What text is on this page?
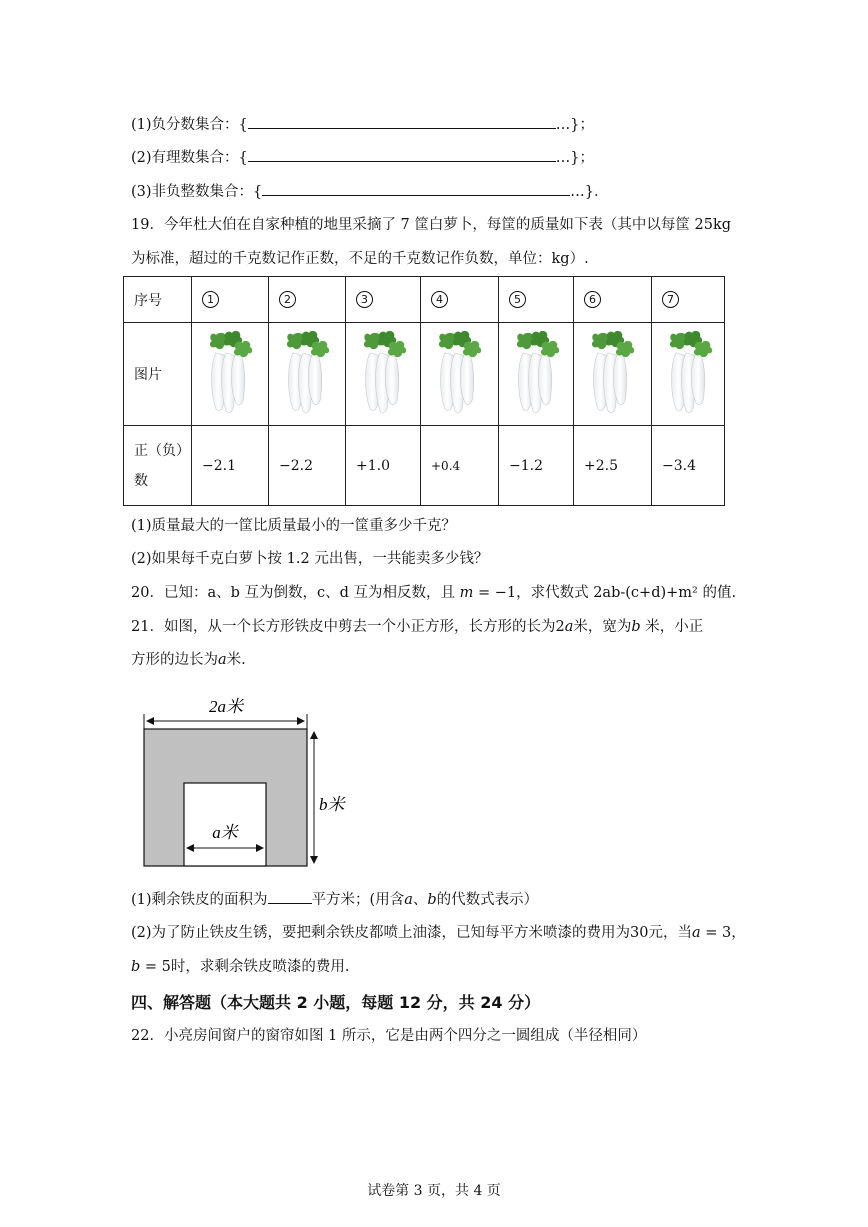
(1)负分数集合：{	…}；
(2)有理数集合：{	…}；
(3)非负整数集合：{	…}．
19．今年杜大伯在自家种植的地里采摘了 7 筐白萝卜，每筐的质量如下表（其中以每筐 25kg
为标准，超过的千克数记作正数，不足的千克数记作负数，单位：kg）.
序号	1	2	3	4	5	6	7
图片							
正（负）
数	−2.1	−2.2	+1.0	+0.4	−1.2	+2.5	−3.4
(1)质量最大的一筐比质量最小的一筐重多少千克？
(2)如果每千克白萝卜按 1.2 元出售，一共能卖多少钱？
20．已知：a、b 互为倒数，c、d 互为相反数，且 m = −1，求代数式 2ab-(c+d)+m² 的值.
21．如图，从一个长方形铁皮中剪去一个小正方形，长方形的长为2a米，宽为b 米，小正
方形的边长为a米.
2a米
b米
a米
(1)剩余铁皮的面积为	平方米；(用含a、b的代数式表示）
(2)为了防止铁皮生锈，要把剩余铁皮都喷上油漆，已知每平方米喷漆的费用为30元，当a = 3，
b = 5时，求剩余铁皮喷漆的费用.
四、解答题（本大题共 2 小题，每题 12 分，共 24 分）
22．小亮房间窗户的窗帘如图 1 所示，它是由两个四分之一圆组成（半径相同）
试卷第 3 页，共 4 页
